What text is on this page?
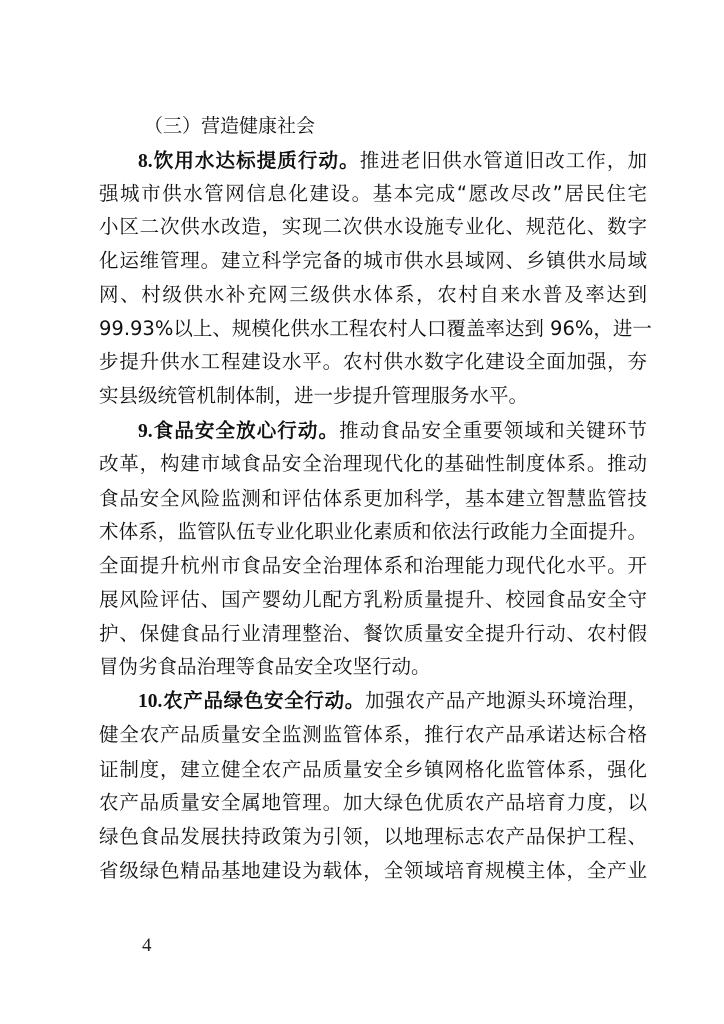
（三）营造健康社会
8.饮用水达标提质行动。推进老旧供水管道旧改工作，加
强城市供水管网信息化建设。基本完成“愿改尽改”居民住宅
小区二次供水改造，实现二次供水设施专业化、规范化、数字
化运维管理。建立科学完备的城市供水县域网、乡镇供水局域
网、村级供水补充网三级供水体系，农村自来水普及率达到
99.93%以上、规模化供水工程农村人口覆盖率达到 96%，进一
步提升供水工程建设水平。农村供水数字化建设全面加强，夯
实县级统管机制体制，进一步提升管理服务水平。
9.食品安全放心行动。推动食品安全重要领域和关键环节
改革，构建市域食品安全治理现代化的基础性制度体系。推动
食品安全风险监测和评估体系更加科学，基本建立智慧监管技
术体系，监管队伍专业化职业化素质和依法行政能力全面提升。
全面提升杭州市食品安全治理体系和治理能力现代化水平。开
展风险评估、国产婴幼儿配方乳粉质量提升、校园食品安全守
护、保健食品行业清理整治、餐饮质量安全提升行动、农村假
冒伪劣食品治理等食品安全攻坚行动。
10.农产品绿色安全行动。加强农产品产地源头环境治理，
健全农产品质量安全监测监管体系，推行农产品承诺达标合格
证制度，建立健全农产品质量安全乡镇网格化监管体系，强化
农产品质量安全属地管理。加大绿色优质农产品培育力度，以
绿色食品发展扶持政策为引领，以地理标志农产品保护工程、
省级绿色精品基地建设为载体，全领域培育规模主体，全产业
4
